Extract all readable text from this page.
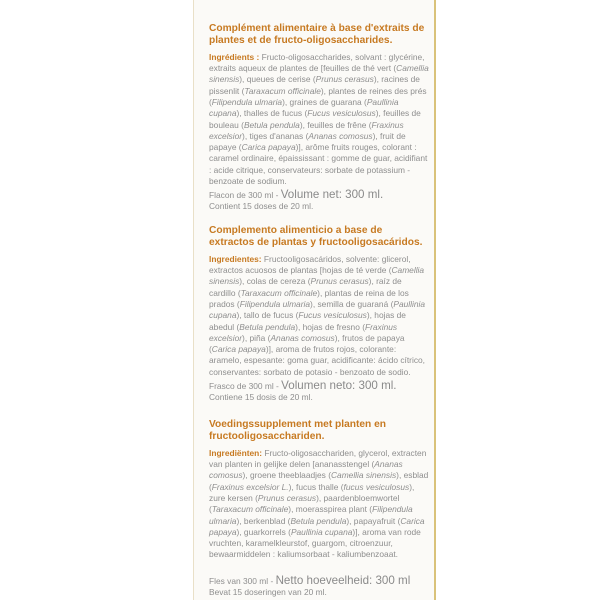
Complément alimentaire à base d'extraits de plantes et de fructo-oligosaccharides.

Ingrédients : Fructo-oligosaccharides, solvant : glycérine, extraits aqueux de plantes de [feuilles de thé vert (Camellia sinensis), queues de cerise (Prunus cerasus), racines de pissenlit (Taraxacum officinale), plantes de reines des prés (Filipendula ulmaria), graines de guarana (Paullinia cupana), thalles de fucus (Fucus vesiculosus), feuilles de bouleau (Betula pendula), feuilles de frêne (Fraxinus excelsior), tiges d'ananas (Ananas comosus), fruit de papaye (Carica papaya)], arôme fruits rouges, colorant : caramel ordinaire, épaississant : gomme de guar, acidifiant : acide citrique, conservateurs: sorbate de potassium - benzoate de sodium.

Flacon de 300 ml - Volume net: 300 ml.

Contient 15 doses de 20 ml.

Complemento alimenticio a base de extractos de plantas y fructooligosacáridos.

Ingredientes: Fructooligosacáridos, solvente: glicerol, extractos acuosos de plantas [hojas de té verde (Camellia sinensis), colas de cereza (Prunus cerasus), raíz de cardillo (Taraxacum officinale), plantas de reina de los prados (Filipendula ulmaria), semilla de guaraná (Paullinia cupana), tallo de fucus (Fucus vesiculosus), hojas de abedul (Betula pendula), hojas de fresno (Fraxinus excelsior), piña (Ananas comosus), frutos de papaya (Carica papaya)], aroma de frutos rojos, colorante: aramelo, espesante: goma guar, acidificante: ácido cítrico, conservantes: sorbato de potasio - benzoato de sodio.

Frasco de 300 ml - Volumen neto: 300 ml.

Contiene 15 dosis de 20 ml.

Voedingssupplement met planten en fructooligosacchariden.

Ingrediënten: Fructo-oligosacchariden, glycerol, extracten van planten in gelijke delen [ananasstengel (Ananas comosus), groene theeblaadjes (Camellia sinensis), esblad (Fraxinus excelsior L.), fucus thalle (fucus vesiculosus), zure kersen (Prunus cerasus), paardenbloemwortel (Taraxacum officinale), moerasspirea plant (Filipendula ulmaria), berkenblad (Betula pendula), papayafruit (Carica papaya), guarkorrels (Paullinia cupana)], aroma van rode vruchten, karamelkleurstof, guargom, citroenzuur, bewaarmiddelen : kaliumsorbaat - kaliumbenzoaat.

Fles van 300 ml - Netto hoeveelheid: 300 ml

Bevat 15 doseringen van 20 ml.
